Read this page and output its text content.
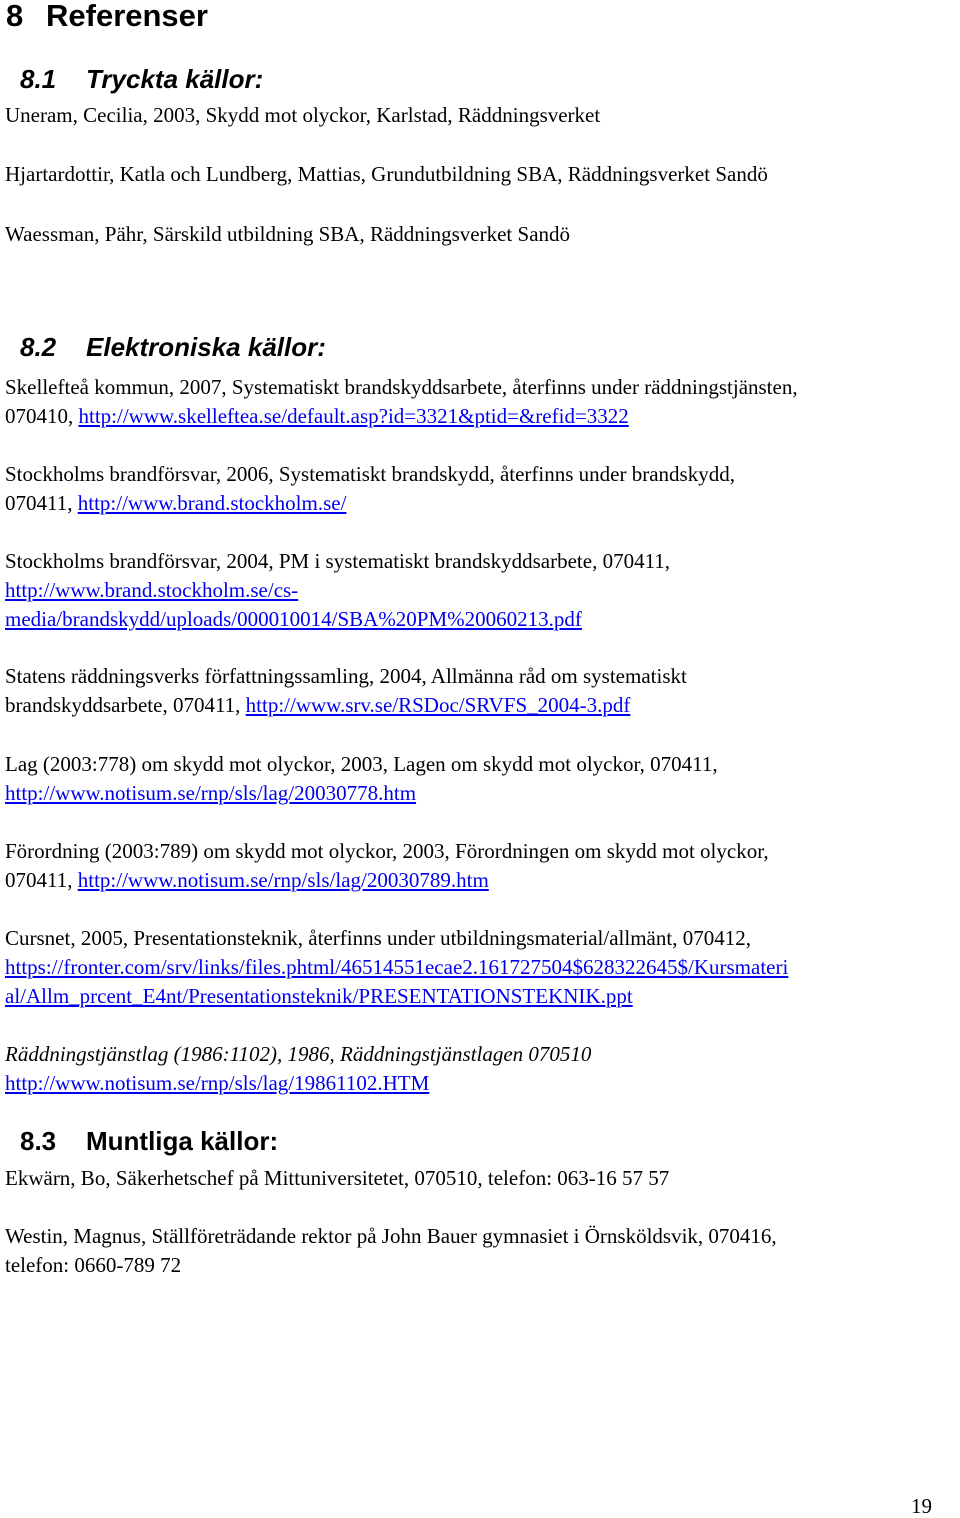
8 Referenser
8.1 Tryckta källor:

Uneram, Cecilia, 2003, Skydd mot olyckor, Karlstad, Räddningsverket

Hjartardottir, Katla och Lundberg, Mattias, Grundutbildning SBA, Räddningsverket Sandö

Waessman, Pähr, Särskild utbildning SBA, Räddningsverket Sandö

8.2 Elektroniska källor:

Skellefteå kommun, 2007, Systematiskt brandskyddsarbete, återfinns under räddningstjänsten,

070410, http://www.skelleftea.se/default.asp?id=3321&ptid=&refid=3322

Stockholms brandförsvar, 2006, Systematiskt brandskydd, återfinns under brandskydd,

070411, http://www.brand.stockholm.se/

Stockholms brandförsvar, 2004, PM i systematiskt brandskyddsarbete, 070411,

http://www.brand.stockholm.se/cs-

media/brandskydd/uploads/000010014/SBA%20PM%20060213.pdf

Statens räddningsverks författningssamling, 2004, Allmänna råd om systematiskt

brandskyddsarbete, 070411, http://www.srv.se/RSDoc/SRVFS_2004-3.pdf

Lag (2003:778) om skydd mot olyckor, 2003, Lagen om skydd mot olyckor, 070411,

http://www.notisum.se/rnp/sls/lag/20030778.htm

Förordning (2003:789) om skydd mot olyckor, 2003, Förordningen om skydd mot olyckor,

070411, http://www.notisum.se/rnp/sls/lag/20030789.htm

Cursnet, 2005, Presentationsteknik, återfinns under utbildningsmaterial/allmänt, 070412,

https://fronter.com/srv/links/files.phtml/46514551ecae2.161727504$628322645$/Kursmateri

al/Allm_prcent_E4nt/Presentationsteknik/PRESENTATIONSTEKNIK.ppt

Räddningstjänstlag (1986:1102), 1986, Räddningstjänstlagen 070510

http://www.notisum.se/rnp/sls/lag/19861102.HTM

8.3 Muntliga källor:

Ekwärn, Bo, Säkerhetschef på Mittuniversitetet, 070510, telefon: 063-16 57 57

Westin, Magnus, Ställföreträdande rektor på John Bauer gymnasiet i Örnsköldsvik, 070416,

telefon: 0660-789 72

19
